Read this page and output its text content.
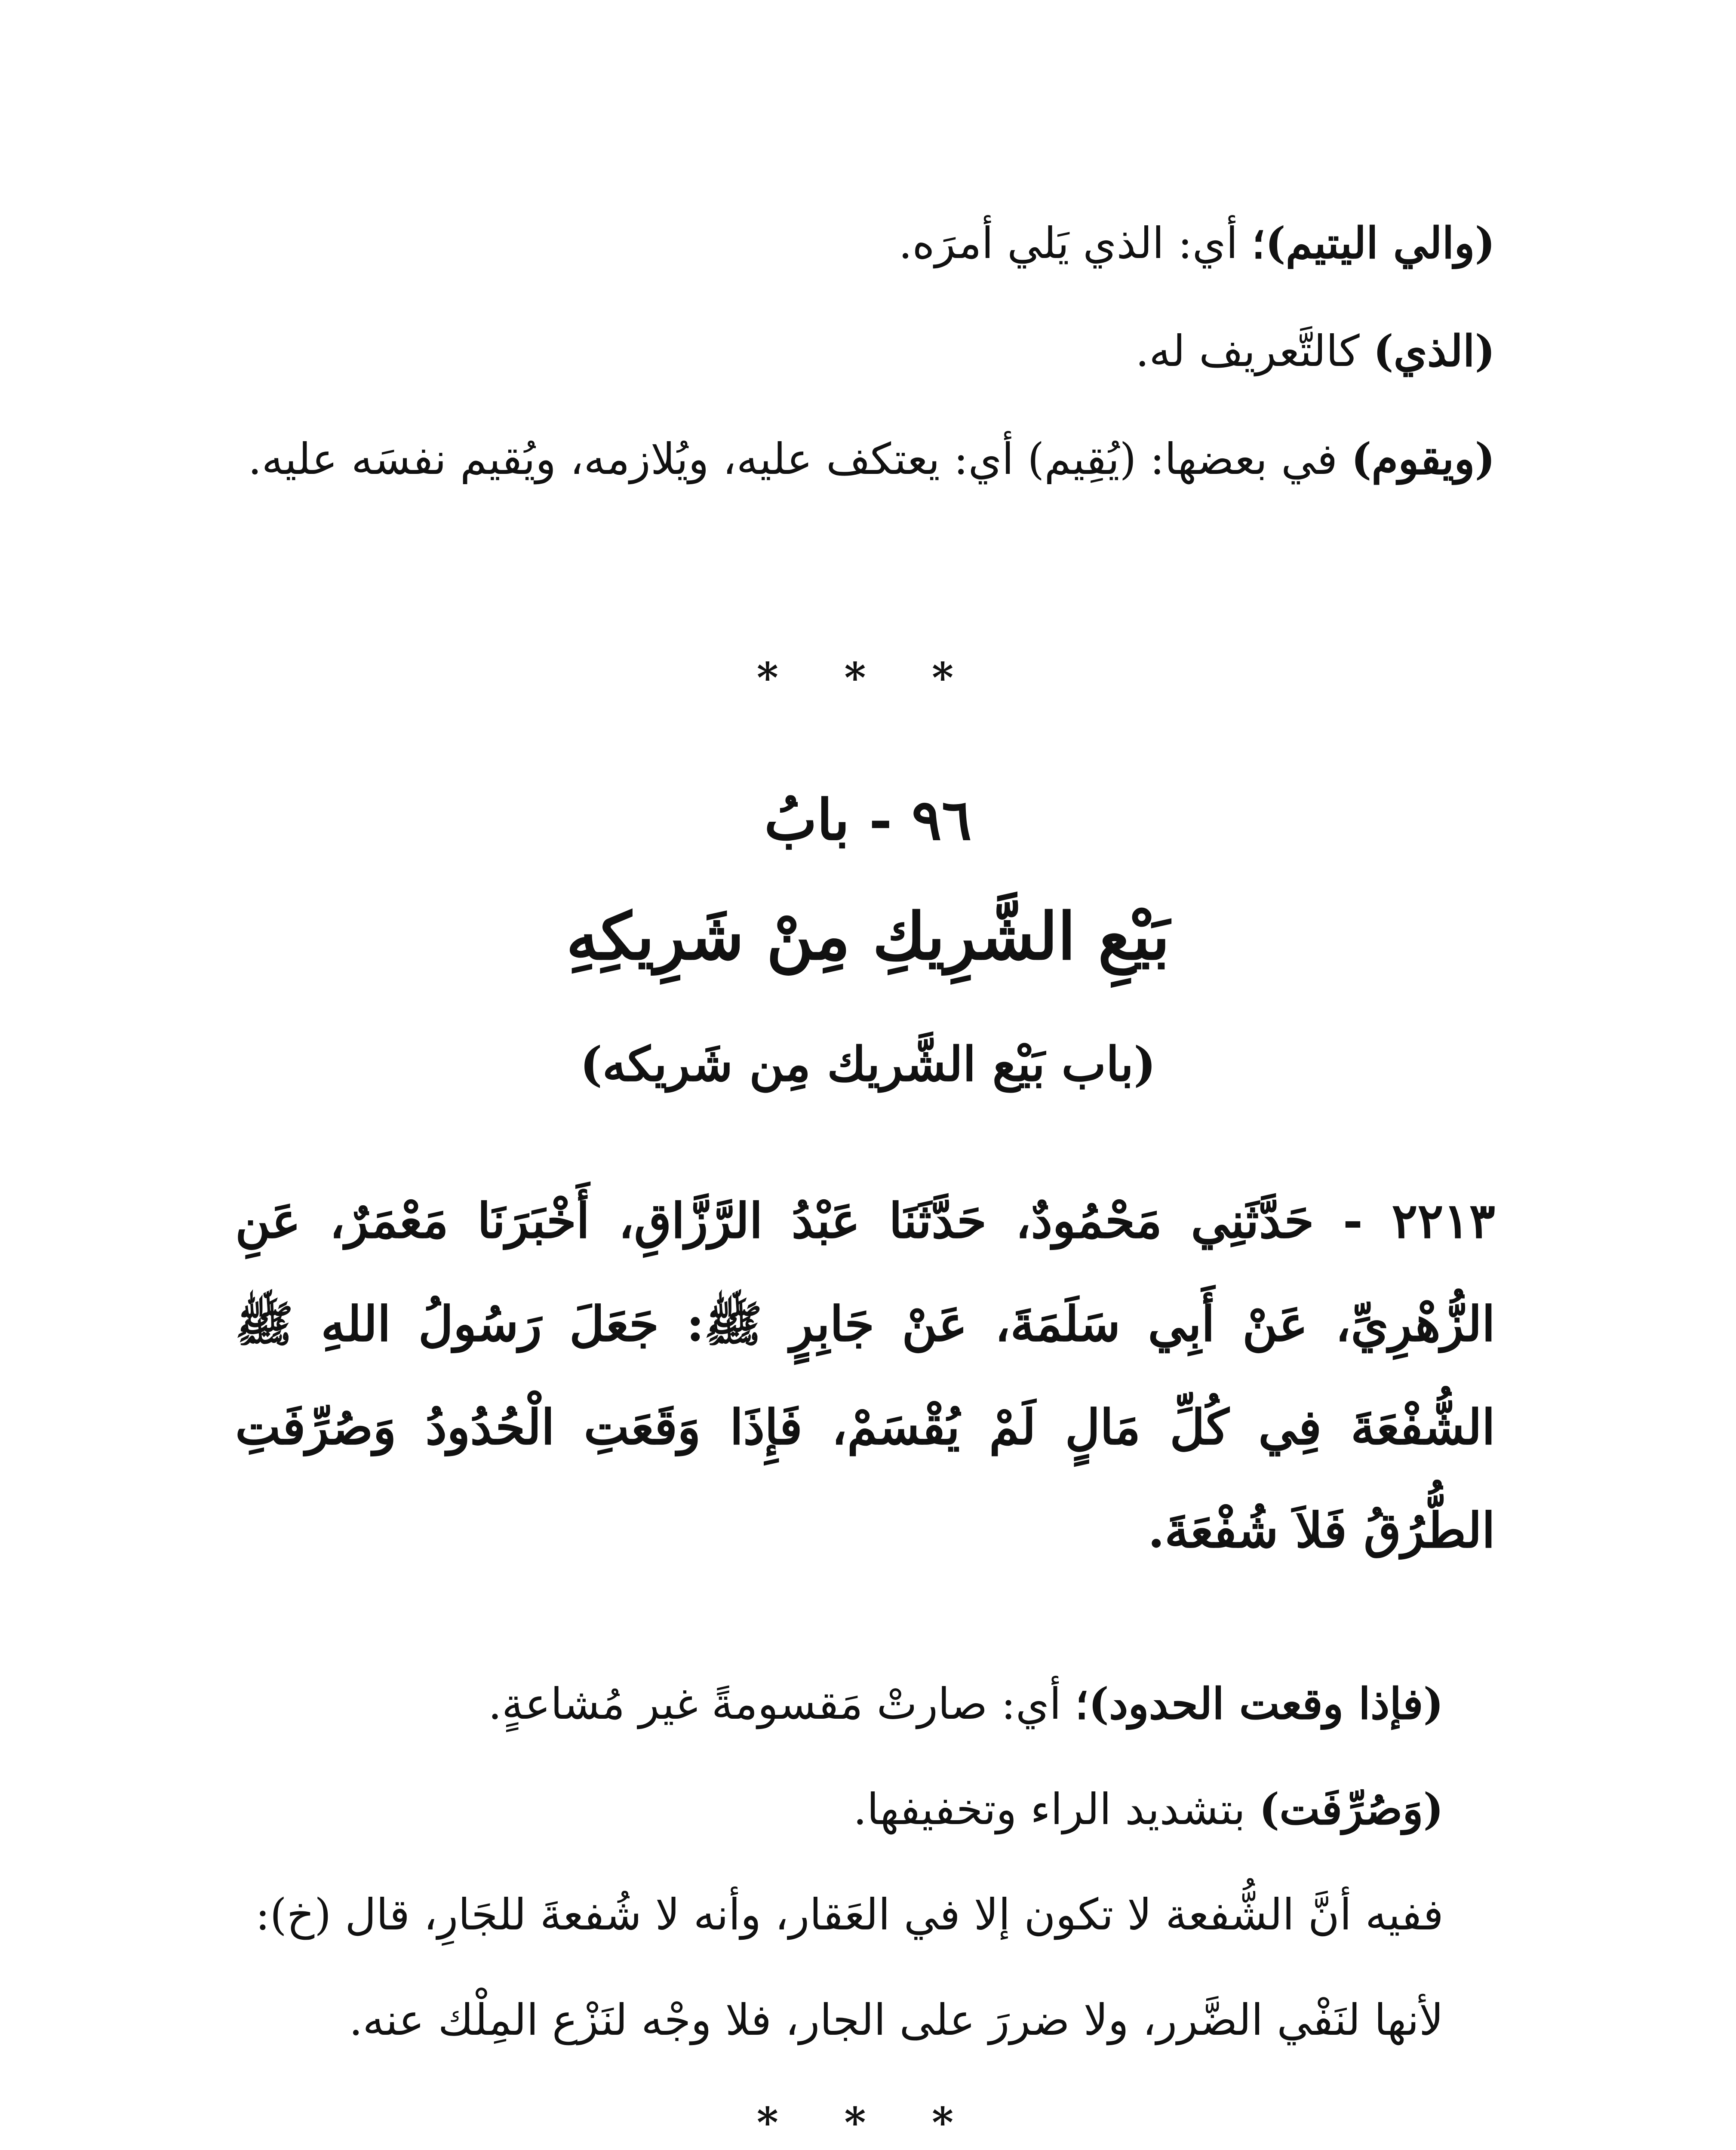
(والي اليتيم)؛ أي: الذي يَلي أمرَه.

(الذي) كالتَّعريف له.

(ويقوم) في بعضها: (يُقِيم) أي: يعتكف عليه، ويُلازمه، ويُقيم نفسَه عليه.

* * *
٩٦ - بابُ
بَيْعِ الشَّرِيكِ مِنْ شَرِيكِهِ
(باب بَيْع الشَّريك مِن شَريكه)
٢٢١٣ - حَدَّثَنِي مَحْمُودٌ، حَدَّثَنَا عَبْدُ الرَّزَّاقِ، أَخْبَرَنَا مَعْمَرٌ، عَنِ الزُّهْرِيِّ، عَنْ أَبِي سَلَمَةَ، عَنْ جَابِرٍ ﷺ: جَعَلَ رَسُولُ اللهِ ﷺ الشُّفْعَةَ فِي كُلِّ مَالٍ لَمْ يُقْسَمْ، فَإِذَا وَقَعَتِ الْحُدُودُ وَصُرِّفَتِ الطُّرُقُ فَلاَ شُفْعَةَ.

(فإذا وقعت الحدود)؛ أي: صارتْ مَقسومةً غير مُشاعةٍ.

(وَصُرِّفَت) بتشديد الراء وتخفيفها.

ففيه أنَّ الشُّفعة لا تكون إلا في العَقار، وأنه لا شُفعةَ للجَارِ، قال (خ): لأنها لنَفْي الضَّرر، ولا ضررَ على الجار، فلا وجْه لنَزْع المِلْك عنه.

* * *
